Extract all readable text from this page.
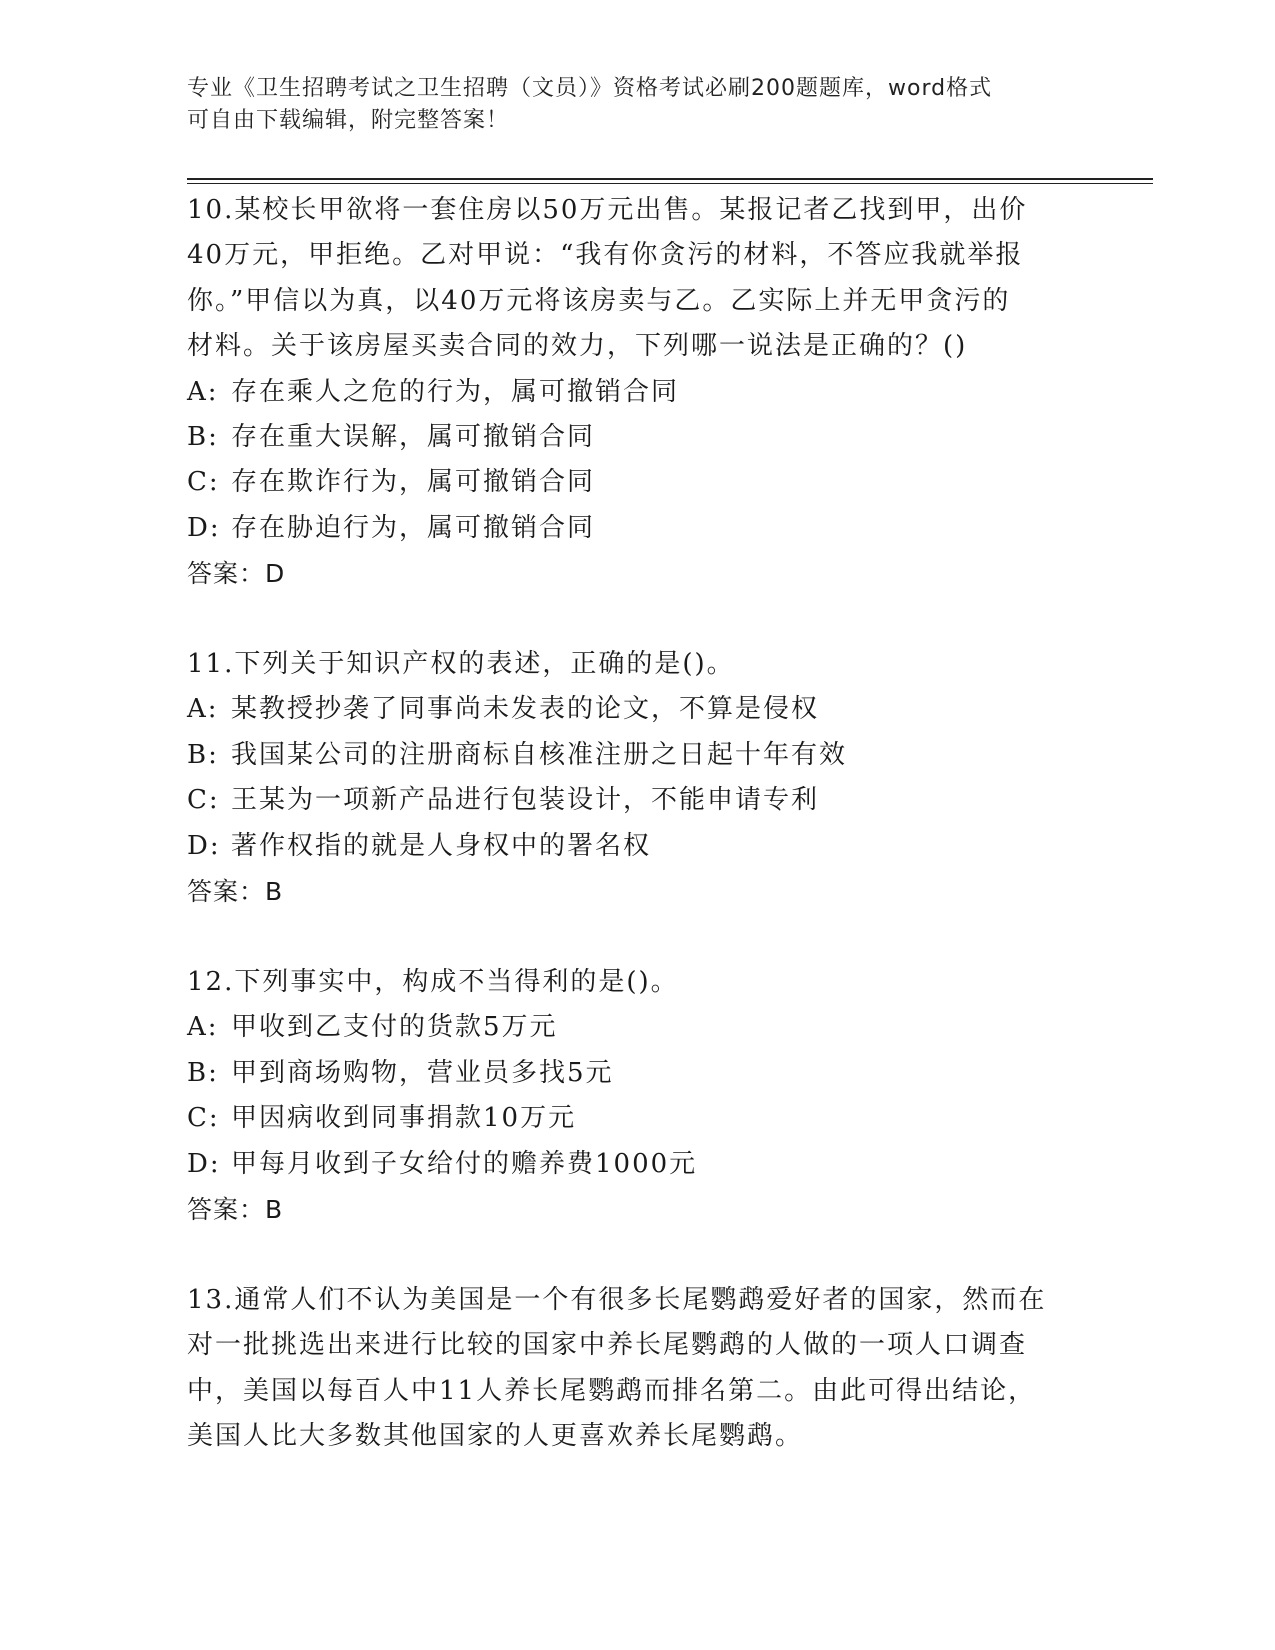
专业《卫生招聘考试之卫生招聘（文员）》资格考试必刷200题题库，word格式
可自由下载编辑，附完整答案！
10.某校长甲欲将一套住房以50万元出售。某报记者乙找到甲，出价
40万元，甲拒绝。乙对甲说：“我有你贪污的材料，不答应我就举报
你。”甲信以为真，以40万元将该房卖与乙。乙实际上并无甲贪污的
材料。关于该房屋买卖合同的效力，下列哪一说法是正确的？()
A: 存在乘人之危的行为，属可撤销合同
B: 存在重大误解，属可撤销合同
C: 存在欺诈行为，属可撤销合同
D: 存在胁迫行为，属可撤销合同
答案：D
11.下列关于知识产权的表述，正确的是()。
A: 某教授抄袭了同事尚未发表的论文，不算是侵权
B: 我国某公司的注册商标自核准注册之日起十年有效
C: 王某为一项新产品进行包装设计，不能申请专利
D: 著作权指的就是人身权中的署名权
答案：B
12.下列事实中，构成不当得利的是()。
A: 甲收到乙支付的货款5万元
B: 甲到商场购物，营业员多找5元
C: 甲因病收到同事捐款10万元
D: 甲每月收到子女给付的赡养费1000元
答案：B
13.通常人们不认为美国是一个有很多长尾鹦鹉爱好者的国家，然而在
对一批挑选出来进行比较的国家中养长尾鹦鹉的人做的一项人口调查
中，美国以每百人中11人养长尾鹦鹉而排名第二。由此可得出结论，
美国人比大多数其他国家的人更喜欢养长尾鹦鹉。
